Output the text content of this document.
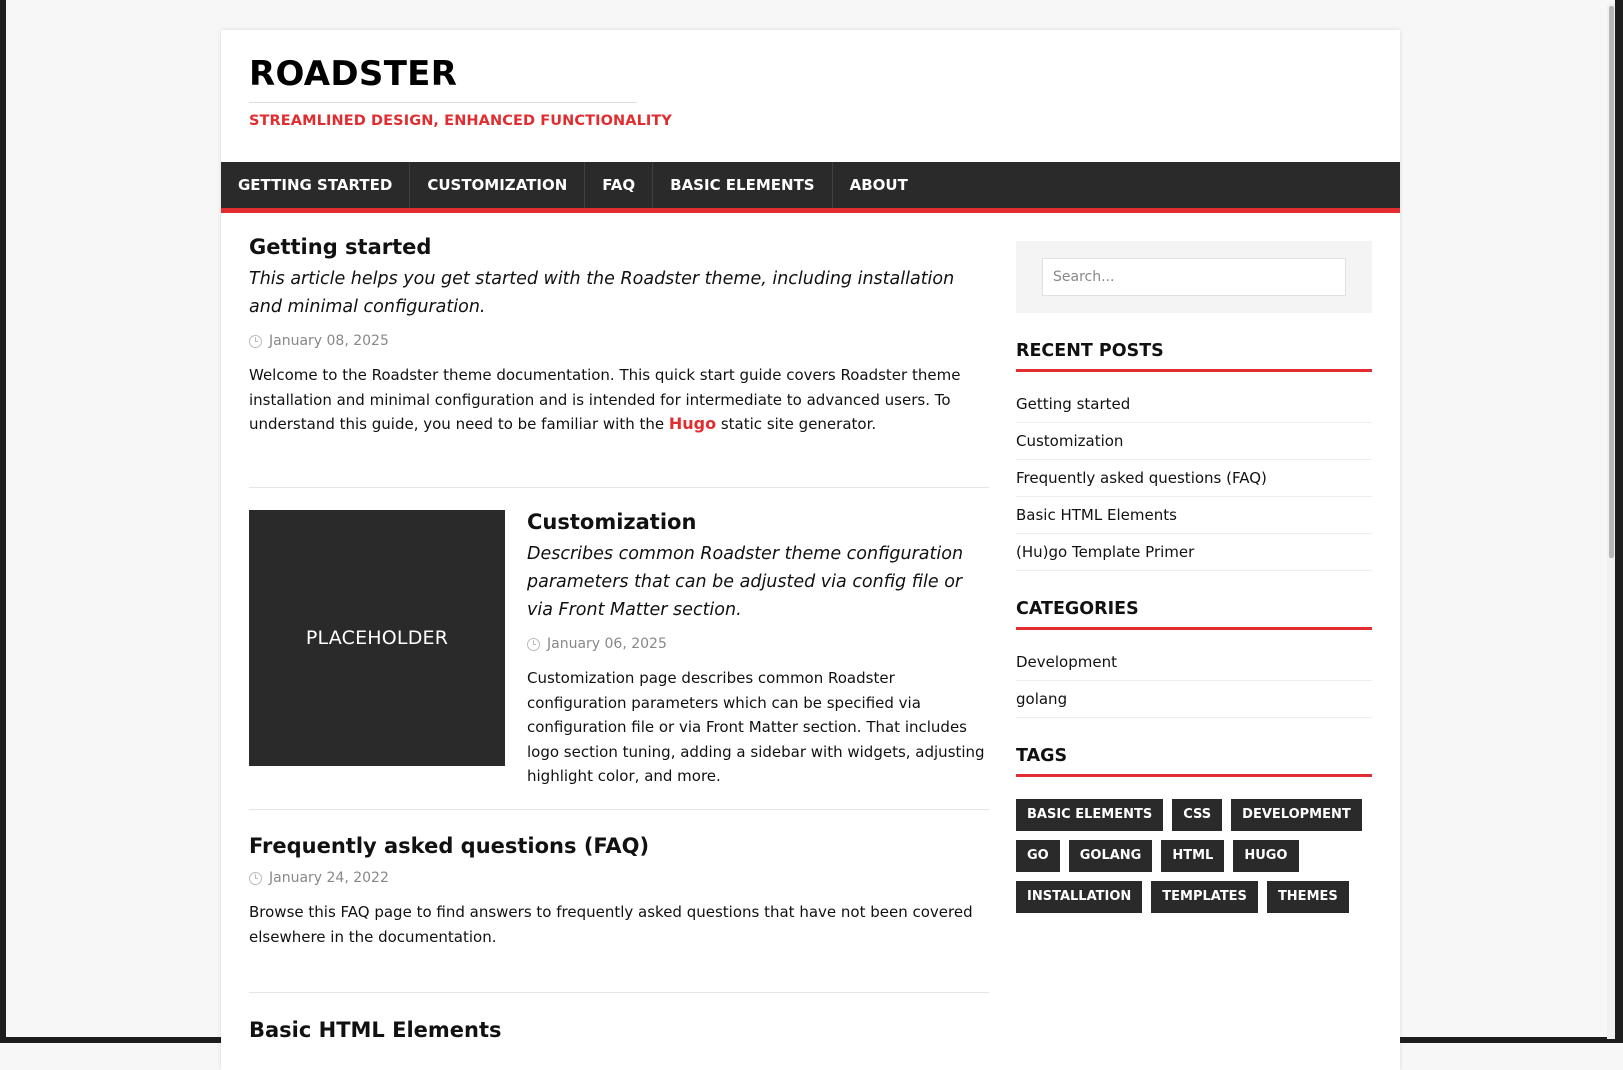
ROADSTER
STREAMLINED DESIGN, ENHANCED FUNCTIONALITY
GETTING STARTED	CUSTOMIZATION	FAQ	BASIC ELEMENTS	ABOUT
Getting started
This article helps you get started with the Roadster theme, including installation and minimal configuration.
January 08, 2025
Welcome to the Roadster theme documentation. This quick start guide covers Roadster theme installation and minimal configuration and is intended for intermediate to advanced users. To understand this guide, you need to be familiar with the Hugo static site generator.
PLACEHOLDER
Customization
Describes common Roadster theme configuration parameters that can be adjusted via config file or via Front Matter section.
January 06, 2025
Customization page describes common Roadster configuration parameters which can be specified via configuration file or via Front Matter section. That includes logo section tuning, adding a sidebar with widgets, adjusting highlight color, and more.
Frequently asked questions (FAQ)
January 24, 2022
Browse this FAQ page to find answers to frequently asked questions that have not been covered elsewhere in the documentation.
Basic HTML Elements
Search...
RECENT POSTS
Getting started
Customization
Frequently asked questions (FAQ)
Basic HTML Elements
(Hu)go Template Primer
CATEGORIES
Development
golang
TAGS
BASIC ELEMENTS	CSS	DEVELOPMENT
GO	GOLANG	HTML	HUGO
INSTALLATION	TEMPLATES	THEMES
